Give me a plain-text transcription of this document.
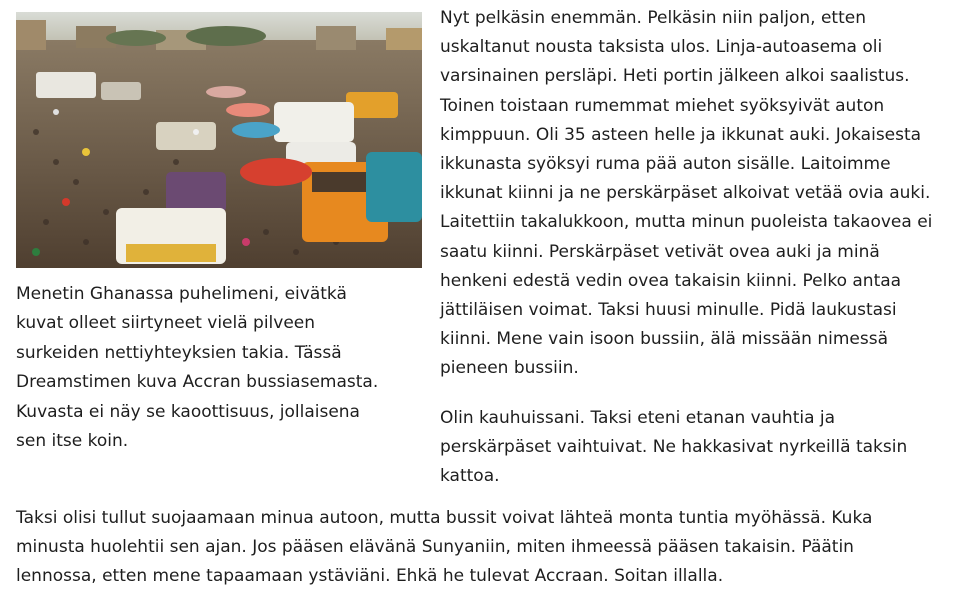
Menetin Ghanassa puhelimeni, eivätkä
kuvat olleet siirtyneet vielä pilveen
surkeiden nettiyhteyksien takia. Tässä
Dreamstimen kuva Accran bussiasemasta.
Kuvasta ei näy se kaoottisuus, jollaisena
sen itse koin.

Nyt pelkäsin enemmän. Pelkäsin niin paljon, etten
uskaltanut nousta taksista ulos. Linja-autoasema oli
varsinainen persläpi. Heti portin jälkeen alkoi saalistus.
Toinen toistaan rumemmat miehet syöksyivät auton
kimppuun. Oli 35 asteen helle ja ikkunat auki. Jokaisesta
ikkunasta syöksyi ruma pää auton sisälle. Laitoimme
ikkunat kiinni ja ne perskärpäset alkoivat vetää ovia auki.
Laitettiin takalukkoon, mutta minun puoleista takaovea ei
saatu kiinni. Perskärpäset vetivät ovea auki ja minä
henkeni edestä vedin ovea takaisin kiinni. Pelko antaa
jättiläisen voimat. Taksi huusi minulle. Pidä laukustasi
kiinni. Mene vain isoon bussiin, älä missään nimessä
pieneen bussiin.

Olin kauhuissani. Taksi eteni etanan vauhtia ja
perskärpäset vaihtuivat. Ne hakkasivat nyrkeillä taksin
kattoa.

Taksi olisi tullut suojaamaan minua autoon, mutta bussit voivat lähteä monta tuntia myöhässä. Kuka
minusta huolehtii sen ajan. Jos pääsen elävänä Sunyaniin, miten ihmeessä pääsen takaisin. Päätin
lennossa, etten mene tapaamaan ystäviäni. Ehkä he tulevat Accraan. Soitan illalla.
